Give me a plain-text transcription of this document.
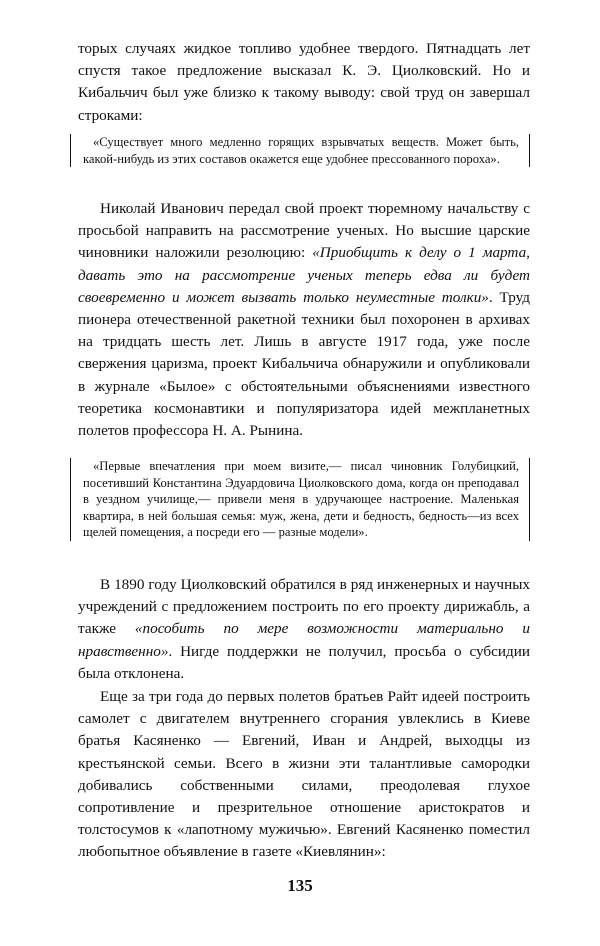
торых случаях жидкое топливо удобнее твердого. Пятнадцать лет спустя такое предложение высказал К. Э. Циолковский. Но и Кибальчич был уже близко к такому выводу: свой труд он завершал строками:

«Существует много медленно горящих взрывчатых веществ. Может быть, какой-нибудь из этих составов окажется еще удобнее прессованного пороха».

Николай Иванович передал свой проект тюремному начальству с просьбой направить на рассмотрение ученых. Но высшие царские чиновники наложили резолюцию: «Приобщить к делу о 1 марта, давать это на рассмотрение ученых теперь едва ли будет своевременно и может вызвать только неуместные толки». Труд пионера отечественной ракетной техники был похоронен в архивах на тридцать шесть лет. Лишь в августе 1917 года, уже после свержения царизма, проект Кибальчича обнаружили и опубликовали в журнале «Былое» с обстоятельными объяснениями известного теоретика космонавтики и популяризатора идей межпланетных полетов профессора Н. А. Рынина.

«Первые впечатления при моем визите,— писал чиновник Голубицкий, посетивший Константина Эдуардовича Циолковского дома, когда он преподавал в уездном училище,— привели меня в удручающее настроение. Маленькая квартира, в ней большая семья: муж, жена, дети и бедность, бедность—из всех щелей помещения, а посреди его — разные модели».

В 1890 году Циолковский обратился в ряд инженерных и научных учреждений с предложением построить по его проекту дирижабль, а также «пособить по мере возможности материально и нравственно». Нигде поддержки не получил, просьба о субсидии была отклонена.

Еще за три года до первых полетов братьев Райт идеей построить самолет с двигателем внутреннего сгорания увлеклись в Киеве братья Касяненко — Евгений, Иван и Андрей, выходцы из крестьянской семьи. Всего в жизни эти талантливые самородки добивались собственными силами, преодолевая глухое сопротивление и презрительное отношение аристократов и толстосумов к «лапотному мужичью». Евгений Касяненко поместил любопытное объявление в газете «Киевлянин»:

135
